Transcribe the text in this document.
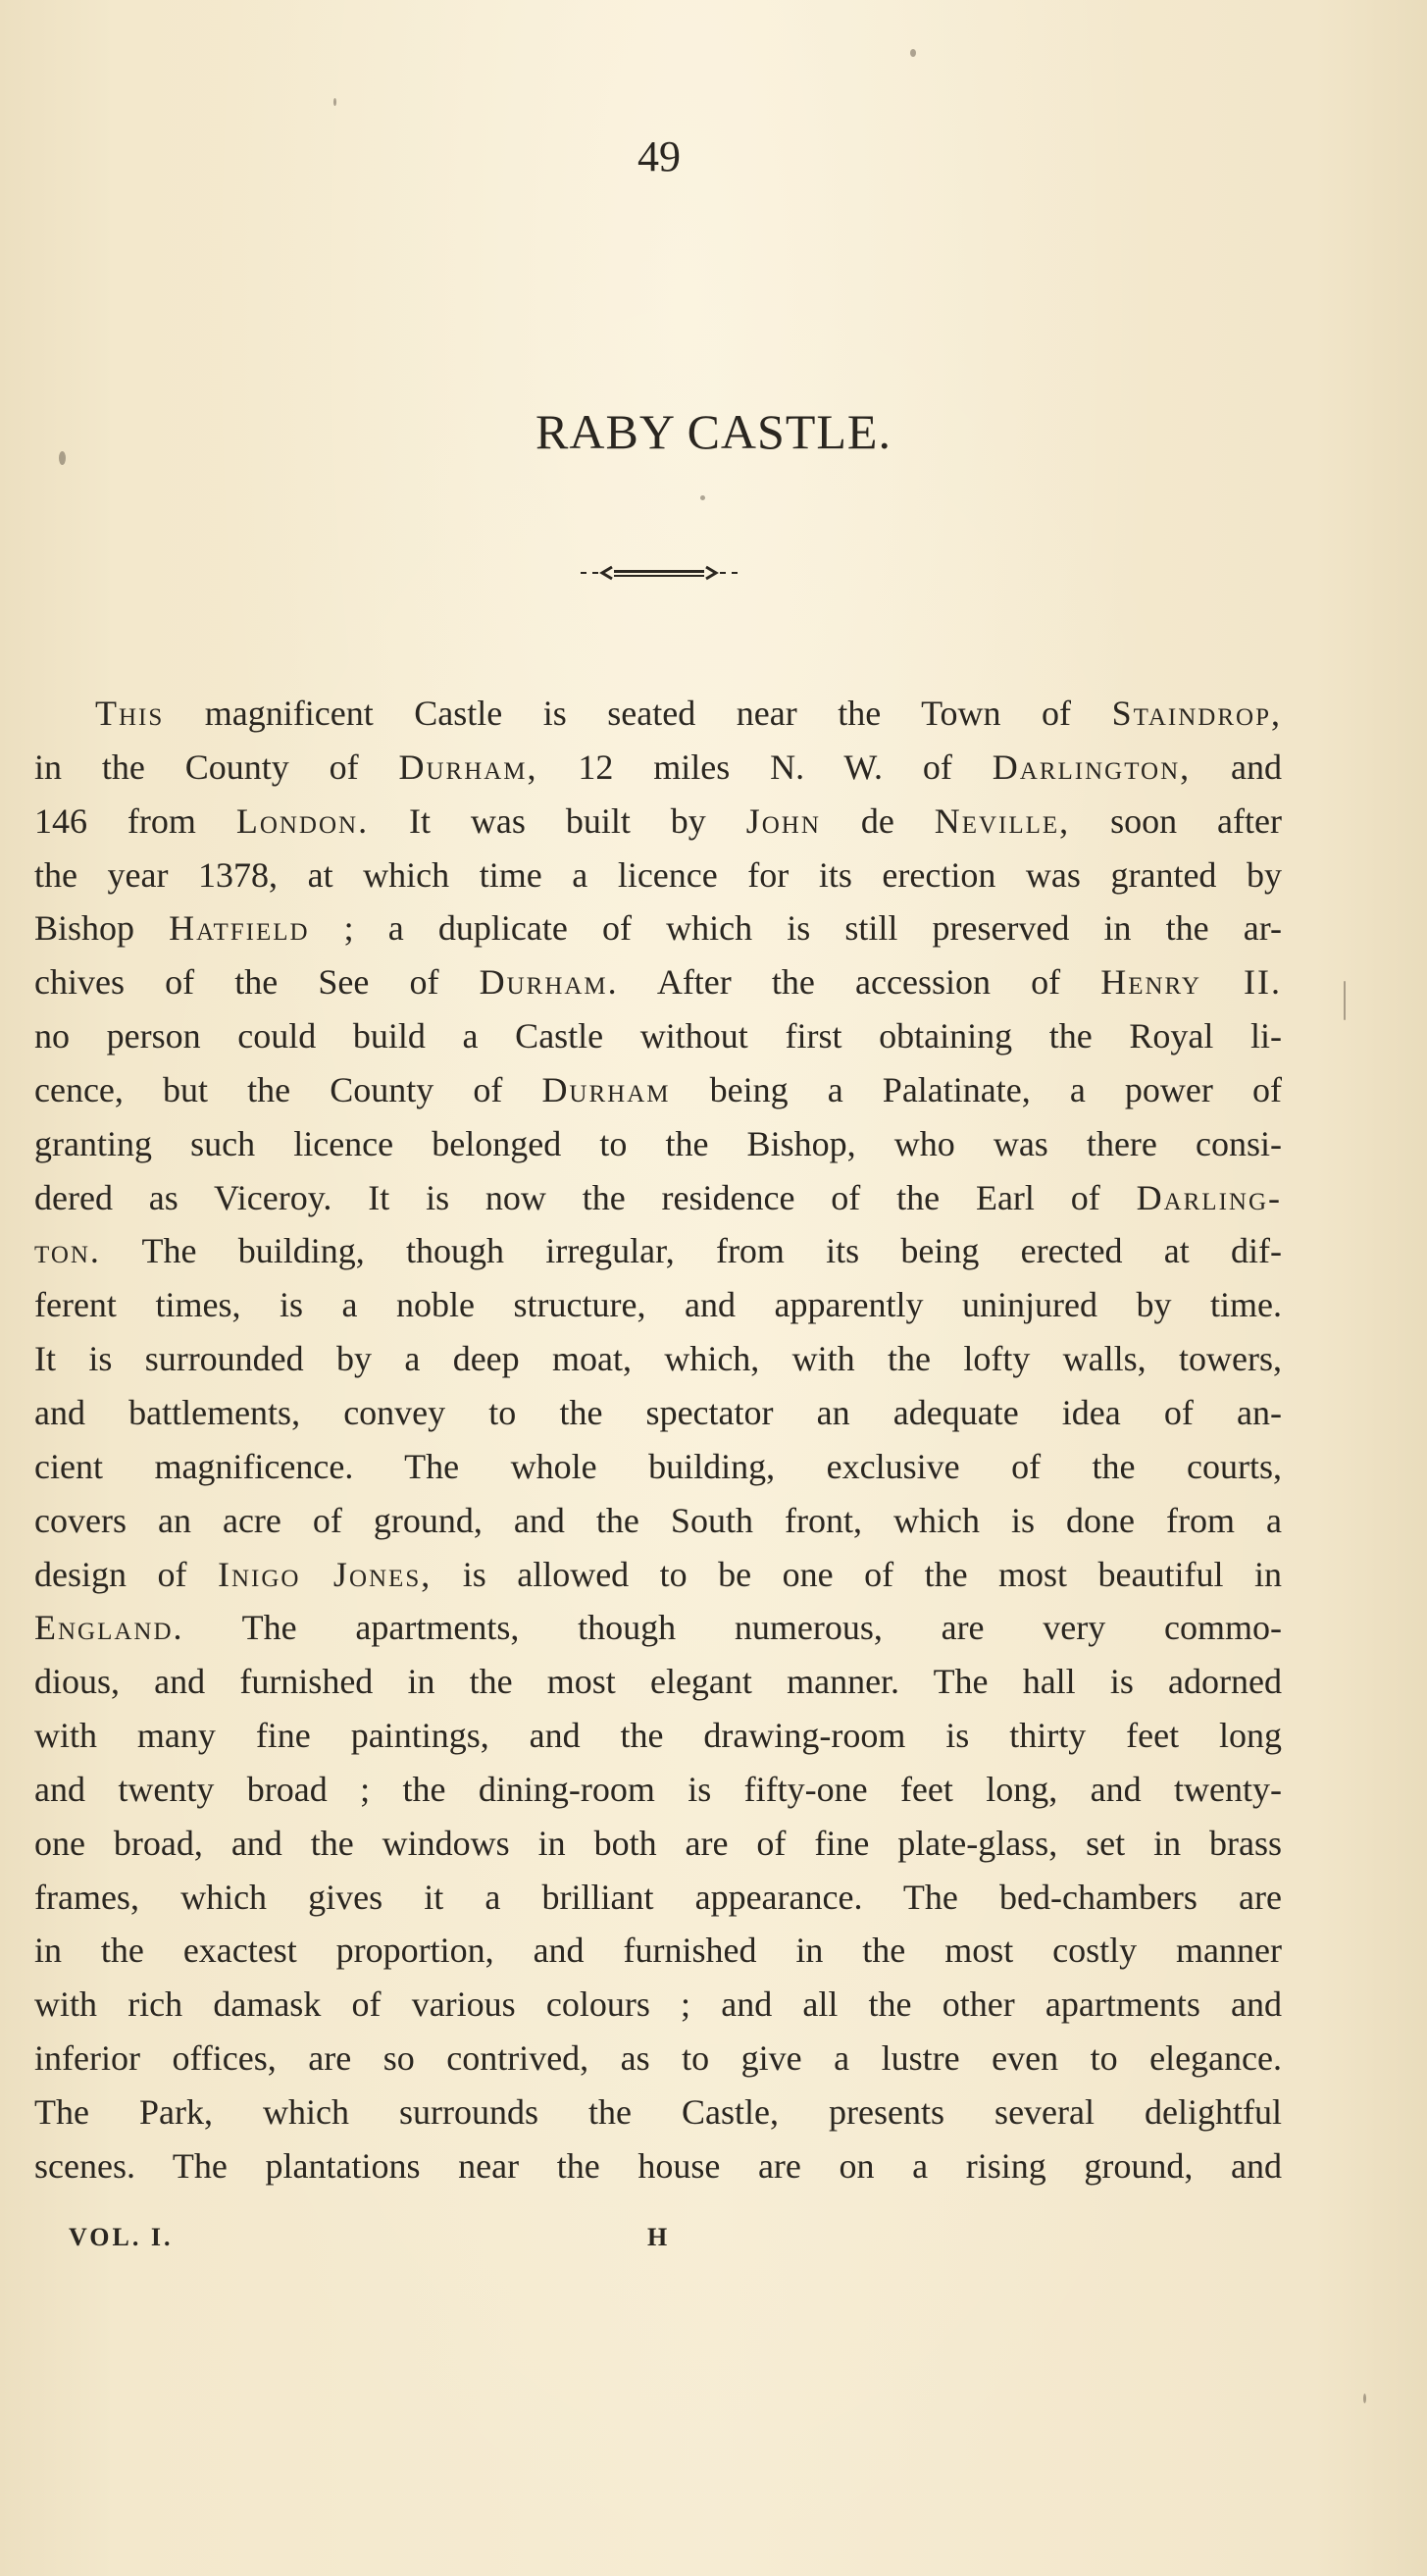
49
RABY CASTLE.

This magnificent Castle is seated near the Town of Staindrop,
in the County of Durham, 12 miles N. W. of Darlington, and
146 from London. It was built by John de Neville, soon after
the year 1378, at which time a licence for its erection was granted by
Bishop Hatfield ; a duplicate of which is still preserved in the ar-
chives of the See of Durham. After the accession of Henry II.
no person could build a Castle without first obtaining the Royal li-
cence, but the County of Durham being a Palatinate, a power of
granting such licence belonged to the Bishop, who was there consi-
dered as Viceroy. It is now the residence of the Earl of Darling-
ton. The building, though irregular, from its being erected at dif-
ferent times, is a noble structure, and apparently uninjured by time.
It is surrounded by a deep moat, which, with the lofty walls, towers,
and battlements, convey to the spectator an adequate idea of an-
cient magnificence. The whole building, exclusive of the courts,
covers an acre of ground, and the South front, which is done from a
design of Inigo Jones, is allowed to be one of the most beautiful in
England. The apartments, though numerous, are very commo-
dious, and furnished in the most elegant manner. The hall is adorned
with many fine paintings, and the drawing-room is thirty feet long
and twenty broad ; the dining-room is fifty-one feet long, and twenty-
one broad, and the windows in both are of fine plate-glass, set in brass
frames, which gives it a brilliant appearance. The bed-chambers are
in the exactest proportion, and furnished in the most costly manner
with rich damask of various colours ; and all the other apartments and
inferior offices, are so contrived, as to give a lustre even to elegance.
The Park, which surrounds the Castle, presents several delightful
scenes. The plantations near the house are on a rising ground, and

VOL. I.	H
